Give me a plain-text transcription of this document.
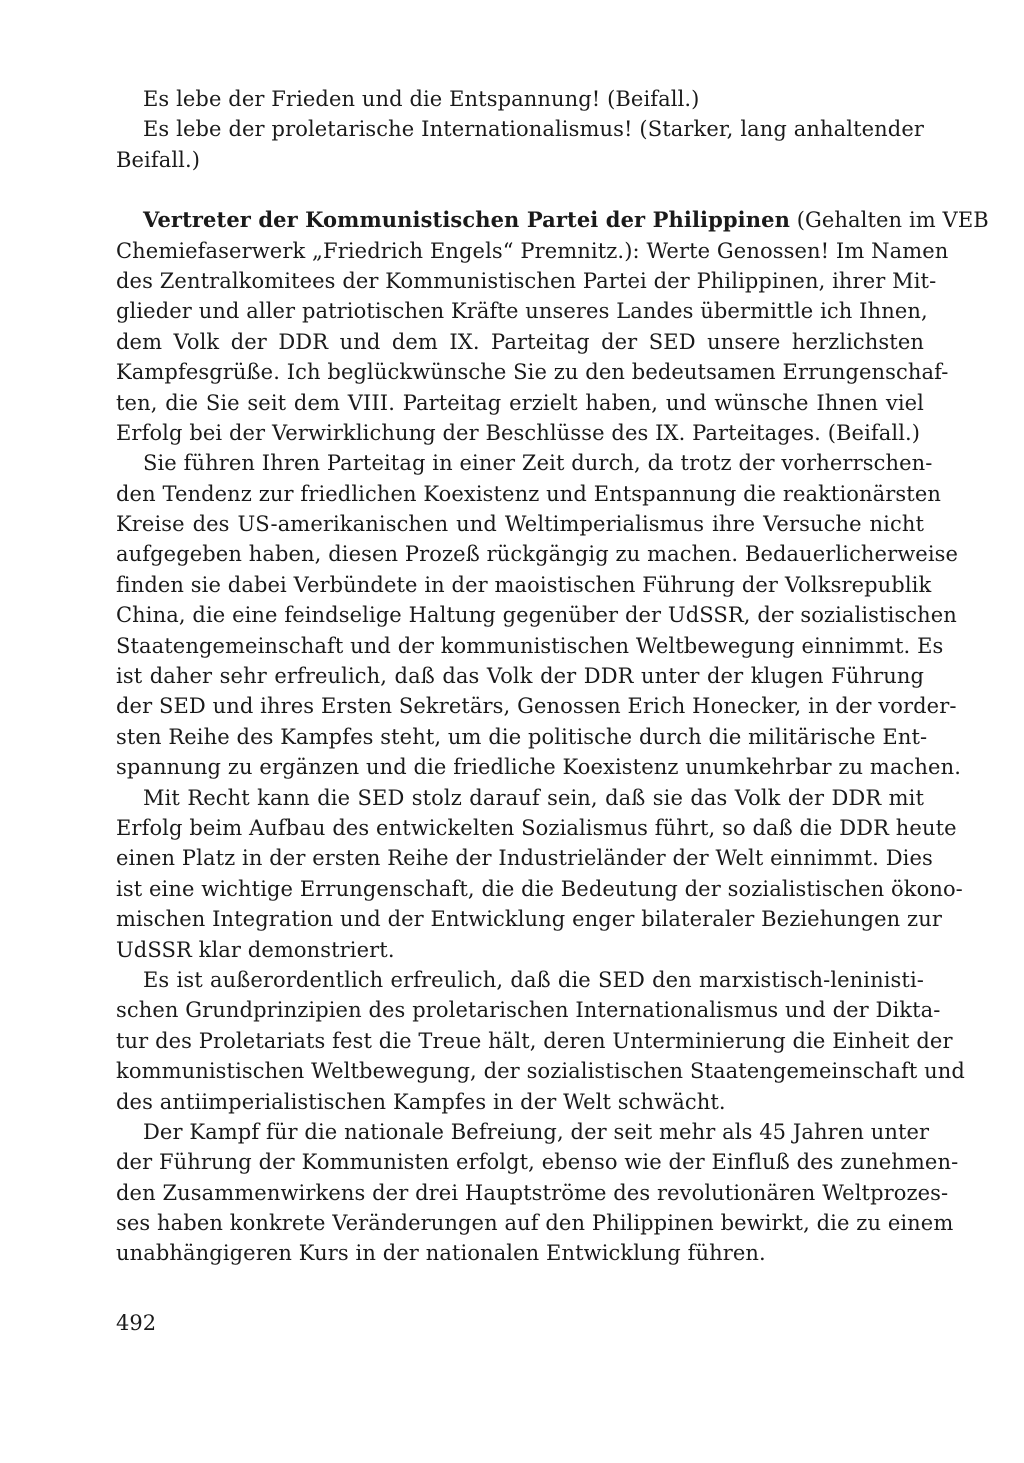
Es lebe der Frieden und die Entspannung! (Beifall.)
Es lebe der proletarische Internationalismus! (Starker, lang anhaltender
Beifall.)
Vertreter der Kommunistischen Partei der Philippinen (Gehalten im VEB
Chemiefaserwerk „Friedrich Engels“ Premnitz.): Werte Genossen! Im Namen
des Zentralkomitees der Kommunistischen Partei der Philippinen, ihrer Mit-
glieder und aller patriotischen Kräfte unseres Landes übermittle ich Ihnen,
dem Volk der DDR und dem IX. Parteitag der SED unsere herzlichsten
Kampfesgrüße. Ich beglückwünsche Sie zu den bedeutsamen Errungenschaf-
ten, die Sie seit dem VIII. Parteitag erzielt haben, und wünsche Ihnen viel
Erfolg bei der Verwirklichung der Beschlüsse des IX. Parteitages. (Beifall.)
Sie führen Ihren Parteitag in einer Zeit durch, da trotz der vorherrschen-
den Tendenz zur friedlichen Koexistenz und Entspannung die reaktionärsten
Kreise des US-amerikanischen und Weltimperialismus ihre Versuche nicht
aufgegeben haben, diesen Prozeß rückgängig zu machen. Bedauerlicherweise
finden sie dabei Verbündete in der maoistischen Führung der Volksrepublik
China, die eine feindselige Haltung gegenüber der UdSSR, der sozialistischen
Staatengemeinschaft und der kommunistischen Weltbewegung einnimmt. Es
ist daher sehr erfreulich, daß das Volk der DDR unter der klugen Führung
der SED und ihres Ersten Sekretärs, Genossen Erich Honecker, in der vorder-
sten Reihe des Kampfes steht, um die politische durch die militärische Ent-
spannung zu ergänzen und die friedliche Koexistenz unumkehrbar zu machen.
Mit Recht kann die SED stolz darauf sein, daß sie das Volk der DDR mit
Erfolg beim Aufbau des entwickelten Sozialismus führt, so daß die DDR heute
einen Platz in der ersten Reihe der Industrieländer der Welt einnimmt. Dies
ist eine wichtige Errungenschaft, die die Bedeutung der sozialistischen ökono-
mischen Integration und der Entwicklung enger bilateraler Beziehungen zur
UdSSR klar demonstriert.
Es ist außerordentlich erfreulich, daß die SED den marxistisch-leninisti-
schen Grundprinzipien des proletarischen Internationalismus und der Dikta-
tur des Proletariats fest die Treue hält, deren Unterminierung die Einheit der
kommunistischen Weltbewegung, der sozialistischen Staatengemeinschaft und
des antiimperialistischen Kampfes in der Welt schwächt.
Der Kampf für die nationale Befreiung, der seit mehr als 45 Jahren unter
der Führung der Kommunisten erfolgt, ebenso wie der Einfluß des zunehmen-
den Zusammenwirkens der drei Hauptströme des revolutionären Weltprozes-
ses haben konkrete Veränderungen auf den Philippinen bewirkt, die zu einem
unabhängigeren Kurs in der nationalen Entwicklung führen.
492
